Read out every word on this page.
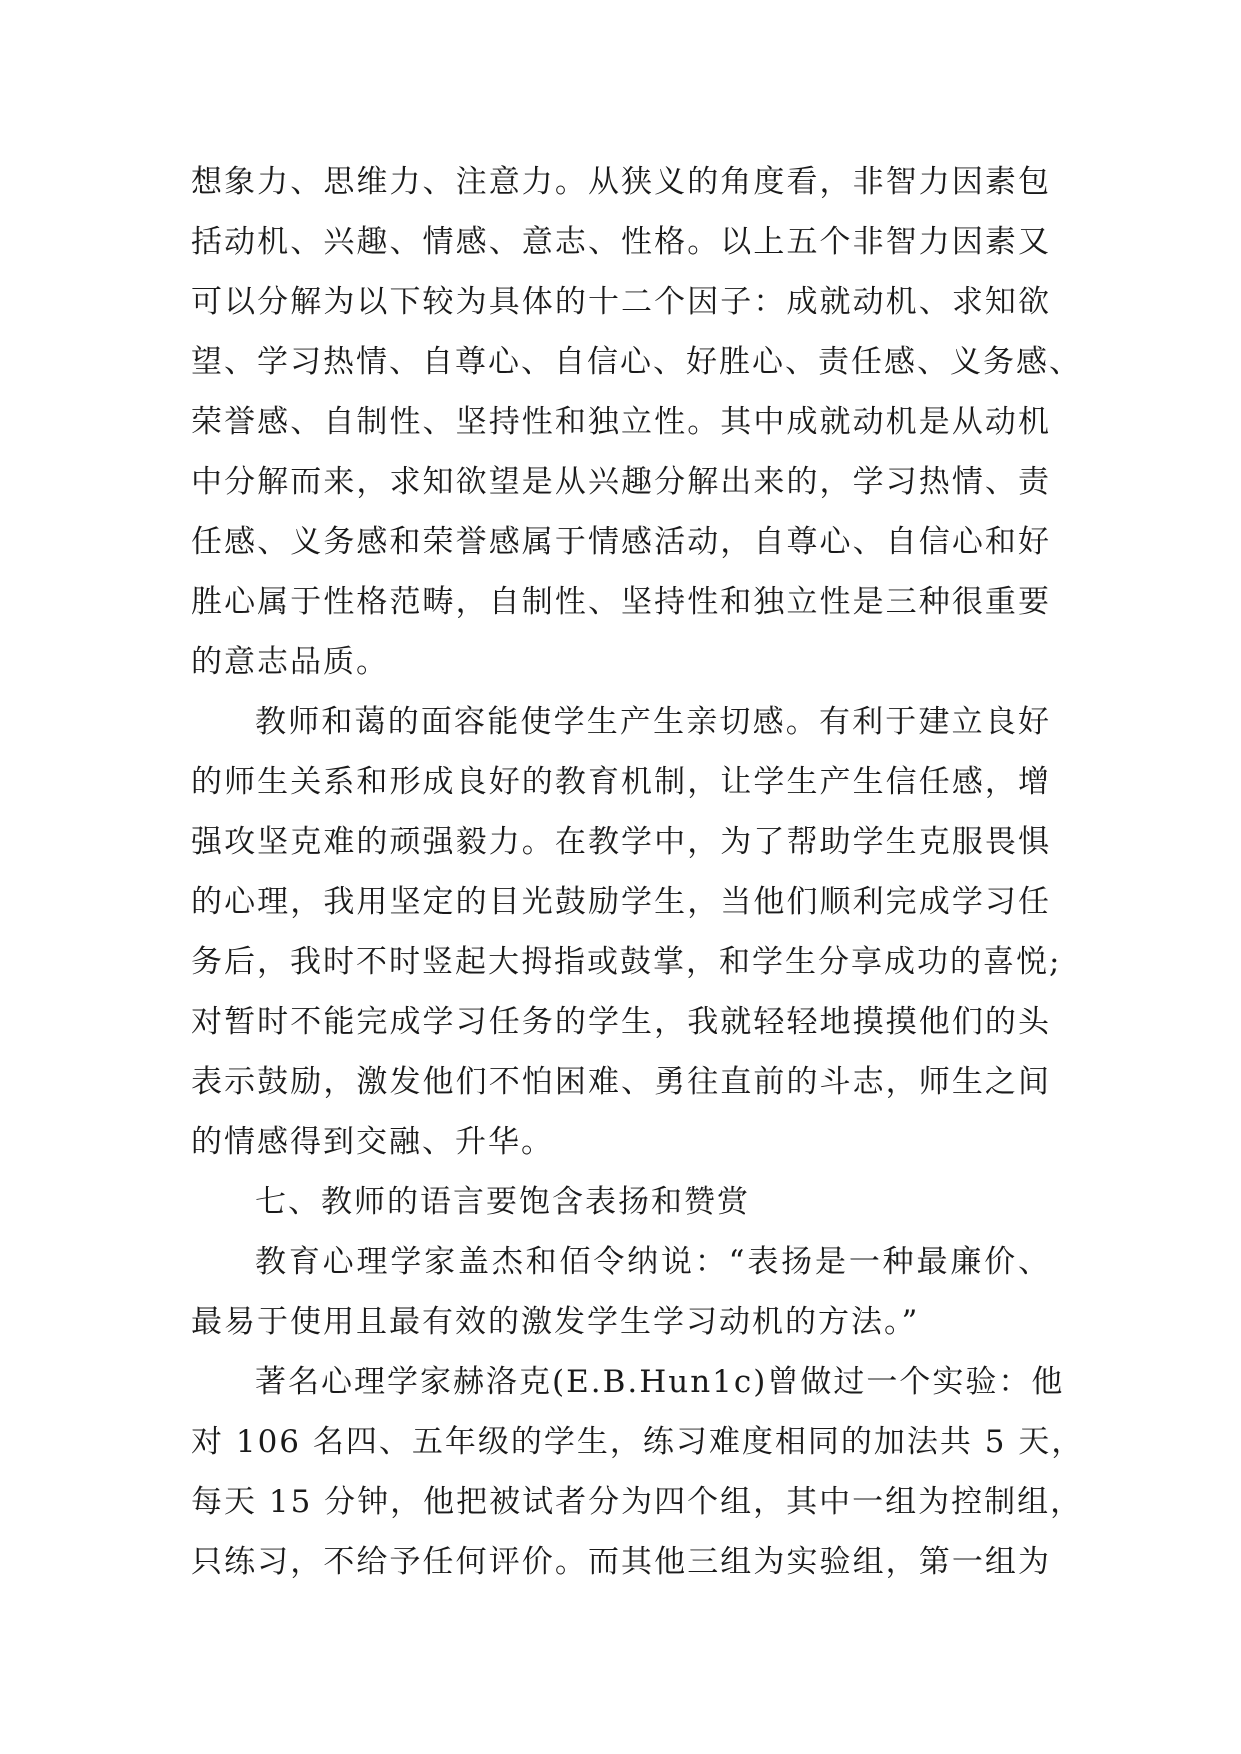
想象力、思维力、注意力。从狭义的角度看，非智力因素包
括动机、兴趣、情感、意志、性格。以上五个非智力因素又
可以分解为以下较为具体的十二个因子：成就动机、求知欲
望、学习热情、自尊心、自信心、好胜心、责任感、义务感、
荣誉感、自制性、坚持性和独立性。其中成就动机是从动机
中分解而来，求知欲望是从兴趣分解出来的，学习热情、责
任感、义务感和荣誉感属于情感活动，自尊心、自信心和好
胜心属于性格范畴，自制性、坚持性和独立性是三种很重要
的意志品质。
教师和蔼的面容能使学生产生亲切感。有利于建立良好
的师生关系和形成良好的教育机制，让学生产生信任感，增
强攻坚克难的顽强毅力。在教学中，为了帮助学生克服畏惧
的心理，我用坚定的目光鼓励学生，当他们顺利完成学习任
务后，我时不时竖起大拇指或鼓掌，和学生分享成功的喜悦;
对暂时不能完成学习任务的学生，我就轻轻地摸摸他们的头
表示鼓励，激发他们不怕困难、勇往直前的斗志，师生之间
的情感得到交融、升华。
七、教师的语言要饱含表扬和赞赏
教育心理学家盖杰和佰令纳说：“表扬是一种最廉价、
最易于使用且最有效的激发学生学习动机的方法。”
著名心理学家赫洛克(E.B.Hun1c)曾做过一个实验：他
对 106 名四、五年级的学生，练习难度相同的加法共 5 天，
每天 15 分钟，他把被试者分为四个组，其中一组为控制组，
只练习，不给予任何评价。而其他三组为实验组，第一组为
